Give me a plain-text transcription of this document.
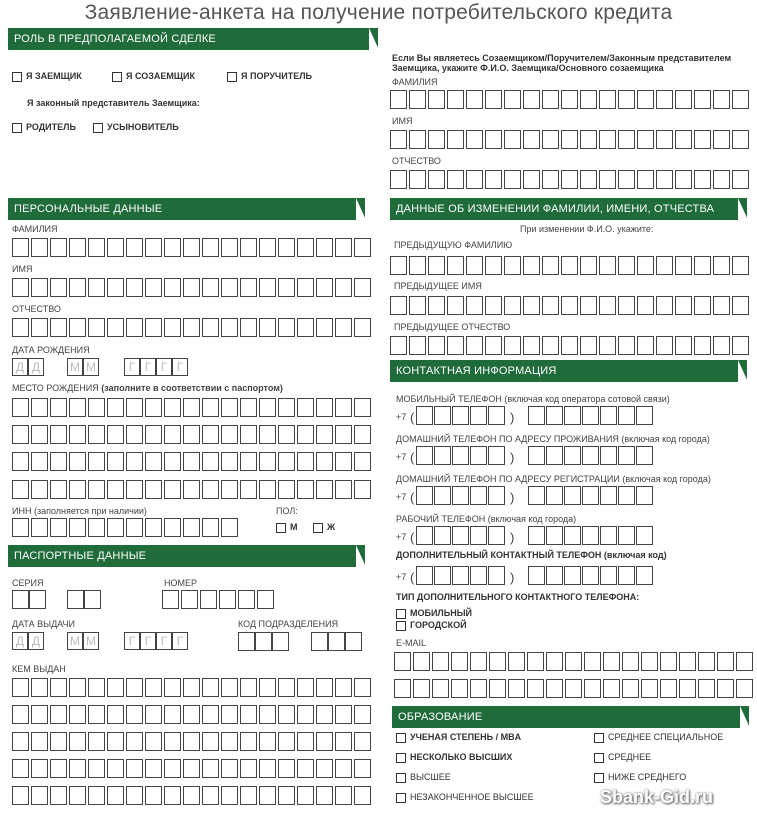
Заявление-анкета на получение потребительского кредита
РОЛЬ В ПРЕДПОЛАГАЕМОЙ СДЕЛКЕ
Я ЗАЕМЩИК	Я СОЗАЕМЩИК	Я ПОРУЧИТЕЛЬ
Я законный представитель Заемщика:
РОДИТЕЛЬ	УСЫНОВИТЕЛЬ
ПЕРСОНАЛЬНЫЕ ДАННЫЕ
ФАМИЛИЯ
ИМЯ
ОТЧЕСТВО
ДАТА РОЖДЕНИЯ
Д Д	М М	Г Г Г Г
МЕСТО РОЖДЕНИЯ (заполните в соответствии с паспортом)
ИНН (заполняется при наличии)	ПОЛ:
М	Ж
ПАСПОРТНЫЕ ДАННЫЕ
СЕРИЯ	НОМЕР
ДАТА ВЫДАЧИ
Д Д	М М	Г Г Г Г
КОД ПОДРАЗДЕЛЕНИЯ
КЕМ ВЫДАН
Если Вы являетесь Созаемщиком/Поручителем/Законным представителем
Заемщика, укажите Ф.И.О. Заемщика/Основного созаемщика
ФАМИЛИЯ
ИМЯ
ОТЧЕСТВО
ДАННЫЕ ОБ ИЗМЕНЕНИИ ФАМИЛИИ, ИМЕНИ, ОТЧЕСТВА
При изменении Ф.И.О. укажите:
ПРЕДЫДУЩУЮ ФАМИЛИЮ
ПРЕДЫДУЩЕЕ ИМЯ
ПРЕДЫДУЩЕЕ ОТЧЕСТВО
КОНТАКТНАЯ ИНФОРМАЦИЯ
МОБИЛЬНЫЙ ТЕЛЕФОН (включая код оператора сотовой связи)
+7 (	)
ДОМАШНИЙ ТЕЛЕФОН ПО АДРЕСУ ПРОЖИВАНИЯ (включая код города)
+7 (	)
ДОМАШНИЙ ТЕЛЕФОН ПО АДРЕСУ РЕГИСТРАЦИИ (включая код города)
+7 (	)
РАБОЧИЙ ТЕЛЕФОН (включая код города)
+7 (	)
ДОПОЛНИТЕЛЬНЫЙ КОНТАКТНЫЙ ТЕЛЕФОН (включая код)
+7 (	)
ТИП ДОПОЛНИТЕЛЬНОГО КОНТАКТНОГО ТЕЛЕФОНА:
МОБИЛЬНЫЙ
ГОРОДСКОЙ
E-MAIL
ОБРАЗОВАНИЕ
УЧЕНАЯ СТЕПЕНЬ / MBA
НЕСКОЛЬКО ВЫСШИХ
ВЫСШЕЕ
НЕЗАКОНЧЕННОЕ ВЫСШЕЕ
СРЕДНЕЕ СПЕЦИАЛЬНОЕ
СРЕДНЕЕ
НИЖЕ СРЕДНЕГО
Sbank-Gid.ru
